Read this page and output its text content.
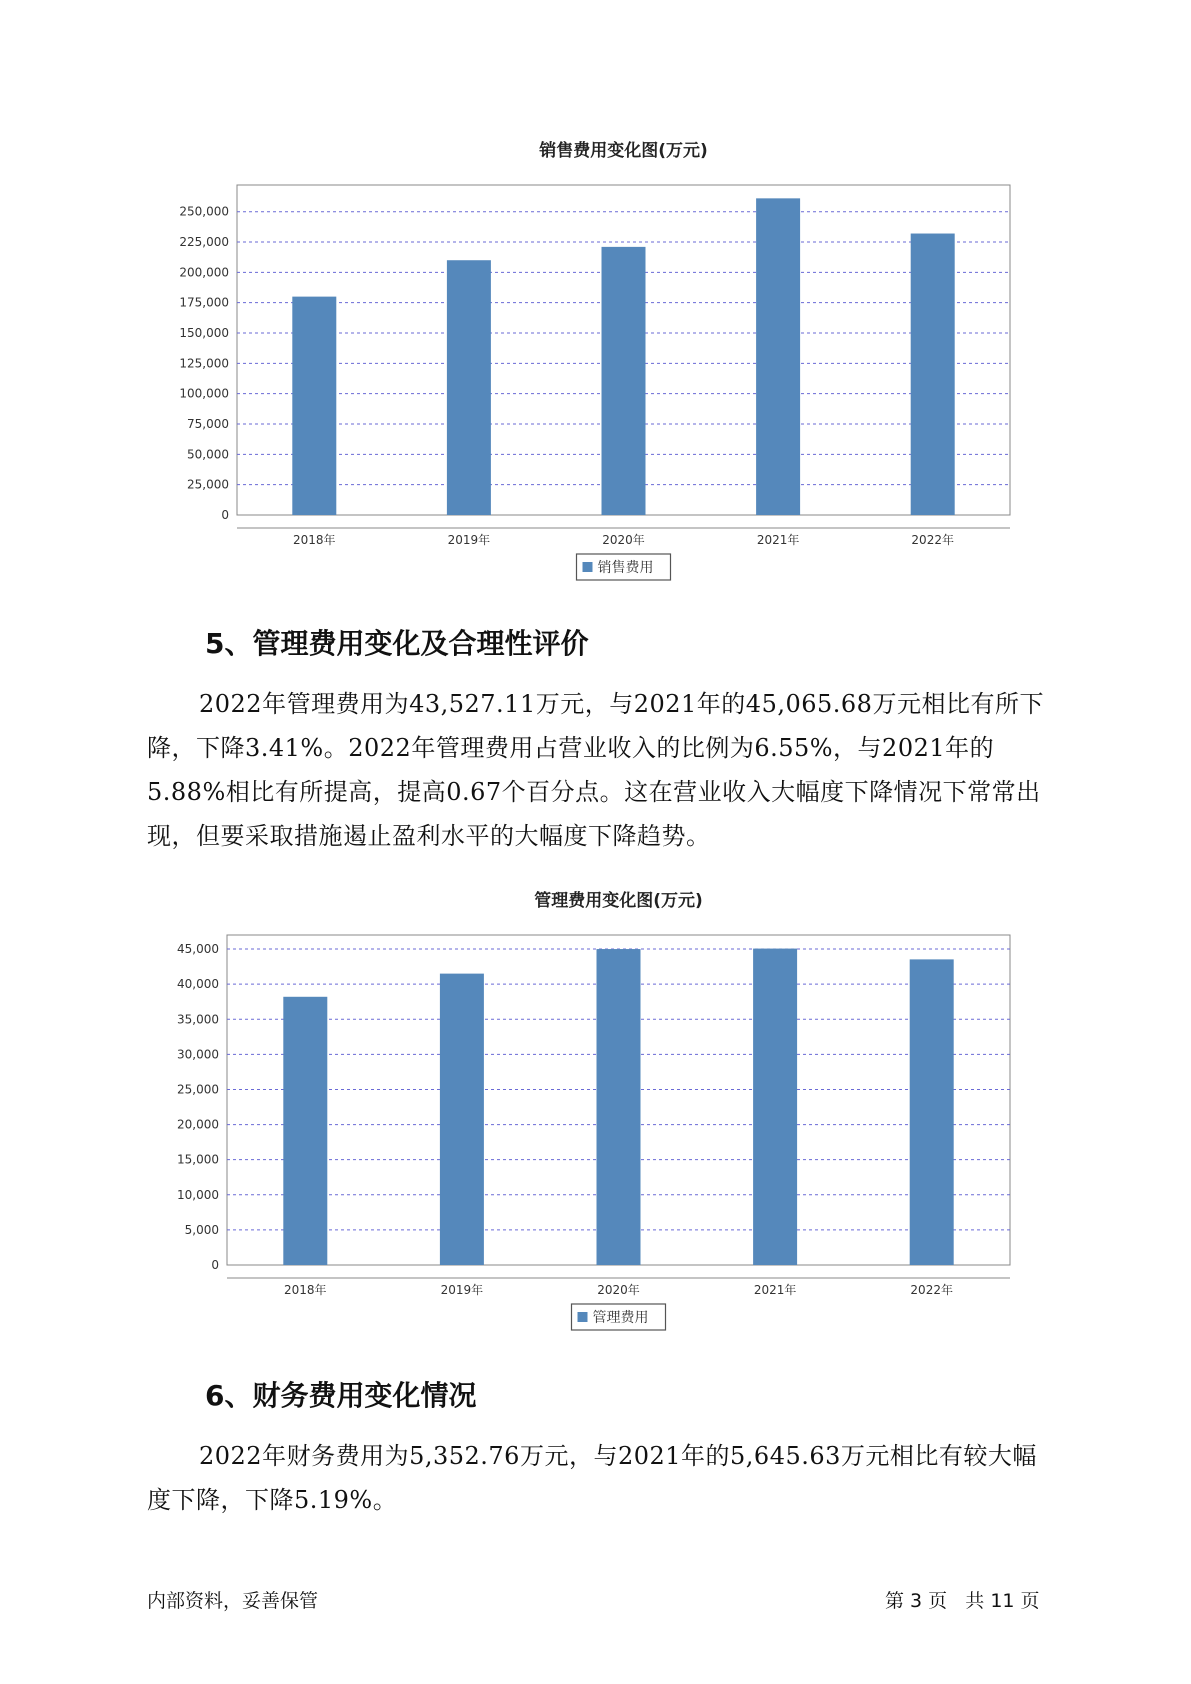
销售费用变化图(万元)
0
25,000
50,000
75,000
100,000
125,000
150,000
175,000
200,000
225,000
250,000
2018年	2019年	2020年	2021年	2022年
销售费用
5、管理费用变化及合理性评价

2022年管理费用为43,527.11万元，与2021年的45,065.68万元相比有所下降，下降3.41%。2022年管理费用占营业收入的比例为6.55%，与2021年的5.88%相比有所提高，提高0.67个百分点。这在营业收入大幅度下降情况下常常出现，但要采取措施遏止盈利水平的大幅度下降趋势。

管理费用变化图(万元)
0
5,000
10,000
15,000
20,000
25,000
30,000
35,000
40,000
45,000
2018年	2019年	2020年	2021年	2022年
管理费用
6、财务费用变化情况

2022年财务费用为5,352.76万元，与2021年的5,645.63万元相比有较大幅度下降，下降5.19%。

内部资料，妥善保管	第 3 页   共 11 页
